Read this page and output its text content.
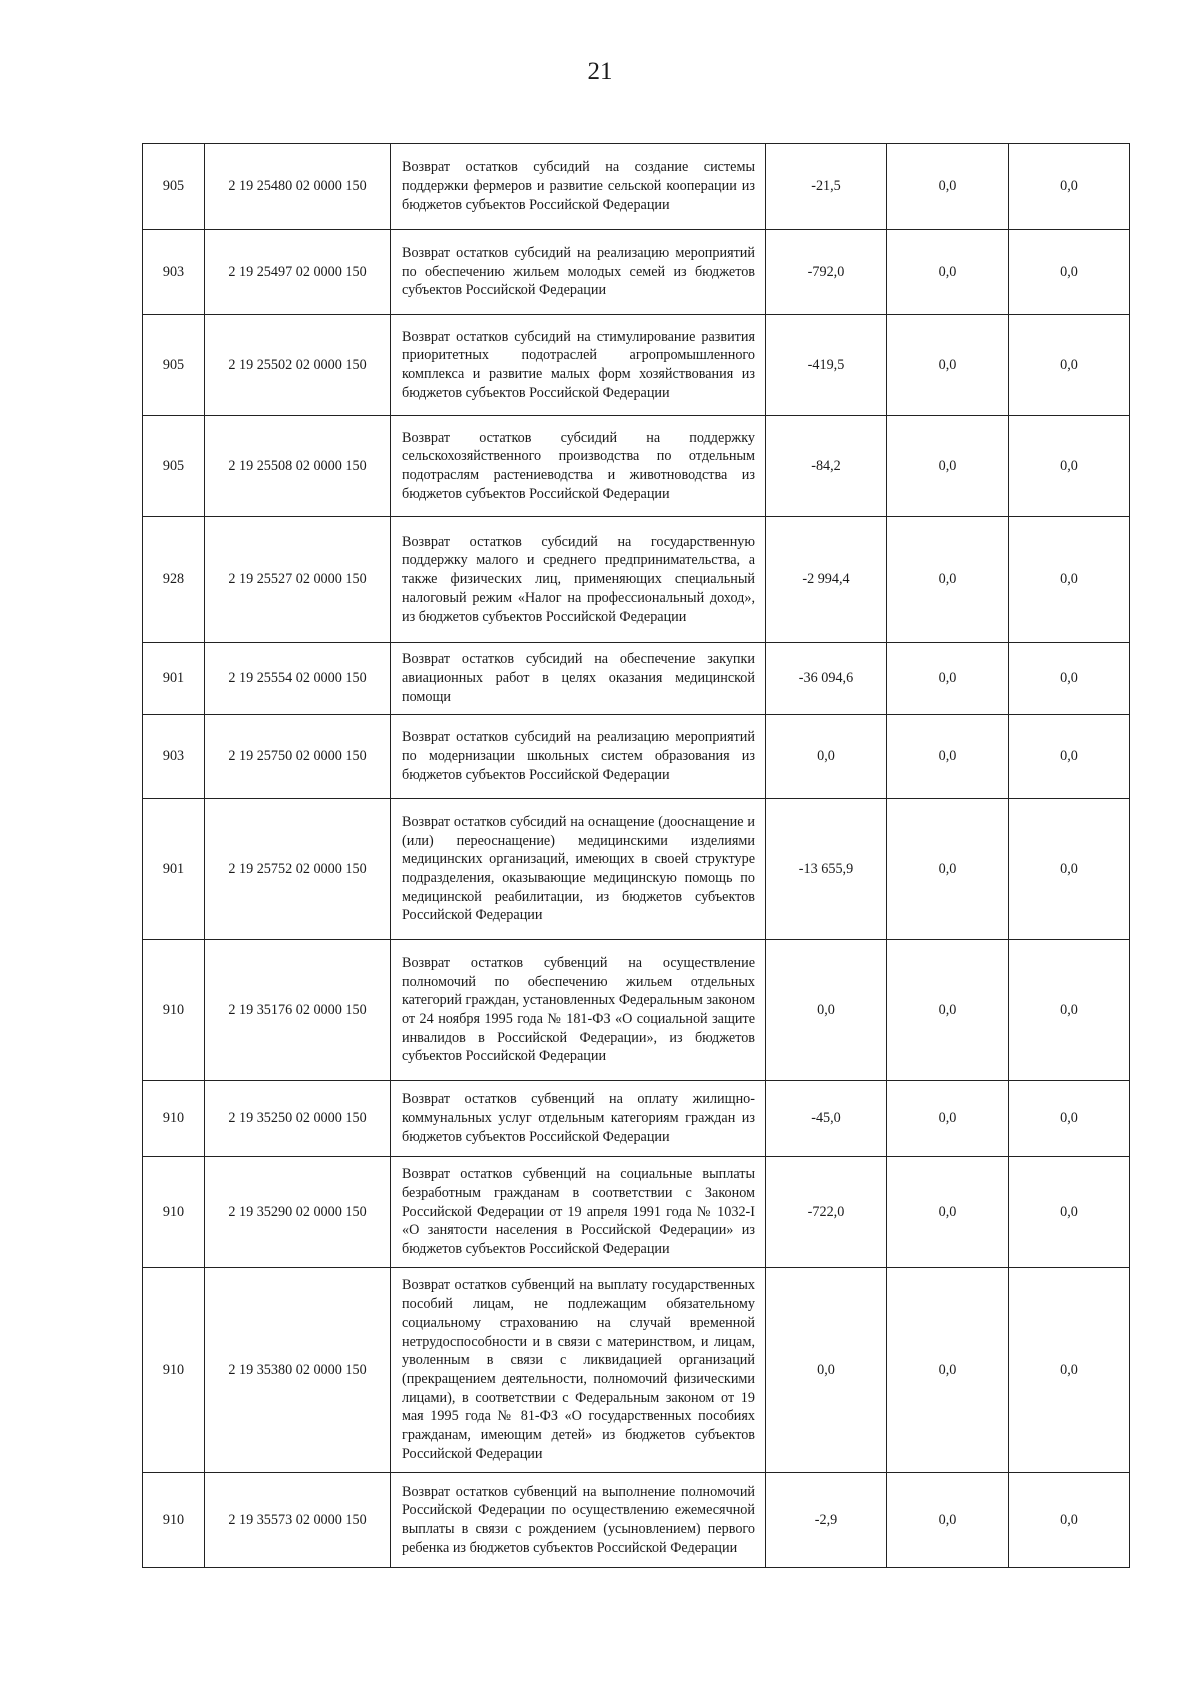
21
905	2 19 25480 02 0000 150	Возврат остатков субсидий на создание системы поддержки фермеров и развитие сельской кооперации из бюджетов субъектов Российской Федерации	-21,5	0,0	0,0
903	2 19 25497 02 0000 150	Возврат остатков субсидий на реализацию мероприятий по обеспечению жильем молодых семей из бюджетов субъектов Российской Федерации	-792,0	0,0	0,0
905	2 19 25502 02 0000 150	Возврат остатков субсидий на стимулирование развития приоритетных подотраслей агропромышленного комплекса и развитие малых форм хозяйствования из бюджетов субъектов Российской Федерации	-419,5	0,0	0,0
905	2 19 25508 02 0000 150	Возврат остатков субсидий на поддержку сельскохозяйственного производства по отдельным подотраслям растениеводства и животноводства из бюджетов субъектов Российской Федерации	-84,2	0,0	0,0
928	2 19 25527 02 0000 150	Возврат остатков субсидий на государственную поддержку малого и среднего предпринимательства, а также физических лиц, применяющих специальный налоговый режим «Налог на профессиональный доход», из бюджетов субъектов Российской Федерации	-2 994,4	0,0	0,0
901	2 19 25554 02 0000 150	Возврат остатков субсидий на обеспечение закупки авиационных работ в целях оказания медицинской помощи	-36 094,6	0,0	0,0
903	2 19 25750 02 0000 150	Возврат остатков субсидий на реализацию мероприятий по модернизации школьных систем образования из бюджетов субъектов Российской Федерации	0,0	0,0	0,0
901	2 19 25752 02 0000 150	Возврат остатков субсидий на оснащение (дооснащение и (или) переоснащение) медицинскими изделиями медицинских организаций, имеющих в своей структуре подразделения, оказывающие медицинскую помощь по медицинской реабилитации, из бюджетов субъектов Российской Федерации	-13 655,9	0,0	0,0
910	2 19 35176 02 0000 150	Возврат остатков субвенций на осуществление полномочий по обеспечению жильем отдельных категорий граждан, установленных Федеральным законом от 24 ноября 1995 года № 181-ФЗ «О социальной защите инвалидов в Российской Федерации», из бюджетов субъектов Российской Федерации	0,0	0,0	0,0
910	2 19 35250 02 0000 150	Возврат остатков субвенций на оплату жилищно-коммунальных услуг отдельным категориям граждан из бюджетов субъектов Российской Федерации	-45,0	0,0	0,0
910	2 19 35290 02 0000 150	Возврат остатков субвенций на социальные выплаты безработным гражданам в соответствии с Законом Российской Федерации от 19 апреля 1991 года № 1032-I «О занятости населения в Российской Федерации» из бюджетов субъектов Российской Федерации	-722,0	0,0	0,0
910	2 19 35380 02 0000 150	Возврат остатков субвенций на выплату государственных пособий лицам, не подлежащим обязательному социальному страхованию на случай временной нетрудоспособности и в связи с материнством, и лицам, уволенным в связи с ликвидацией организаций (прекращением деятельности, полномочий физическими лицами), в соответствии с Федеральным законом от 19 мая 1995 года № 81-ФЗ «О государственных пособиях гражданам, имеющим детей» из бюджетов субъектов Российской Федерации	0,0	0,0	0,0
910	2 19 35573 02 0000 150	Возврат остатков субвенций на выполнение полномочий Российской Федерации по осуществлению ежемесячной выплаты в связи с рождением (усыновлением) первого ребенка из бюджетов субъектов Российской Федерации	-2,9	0,0	0,0
